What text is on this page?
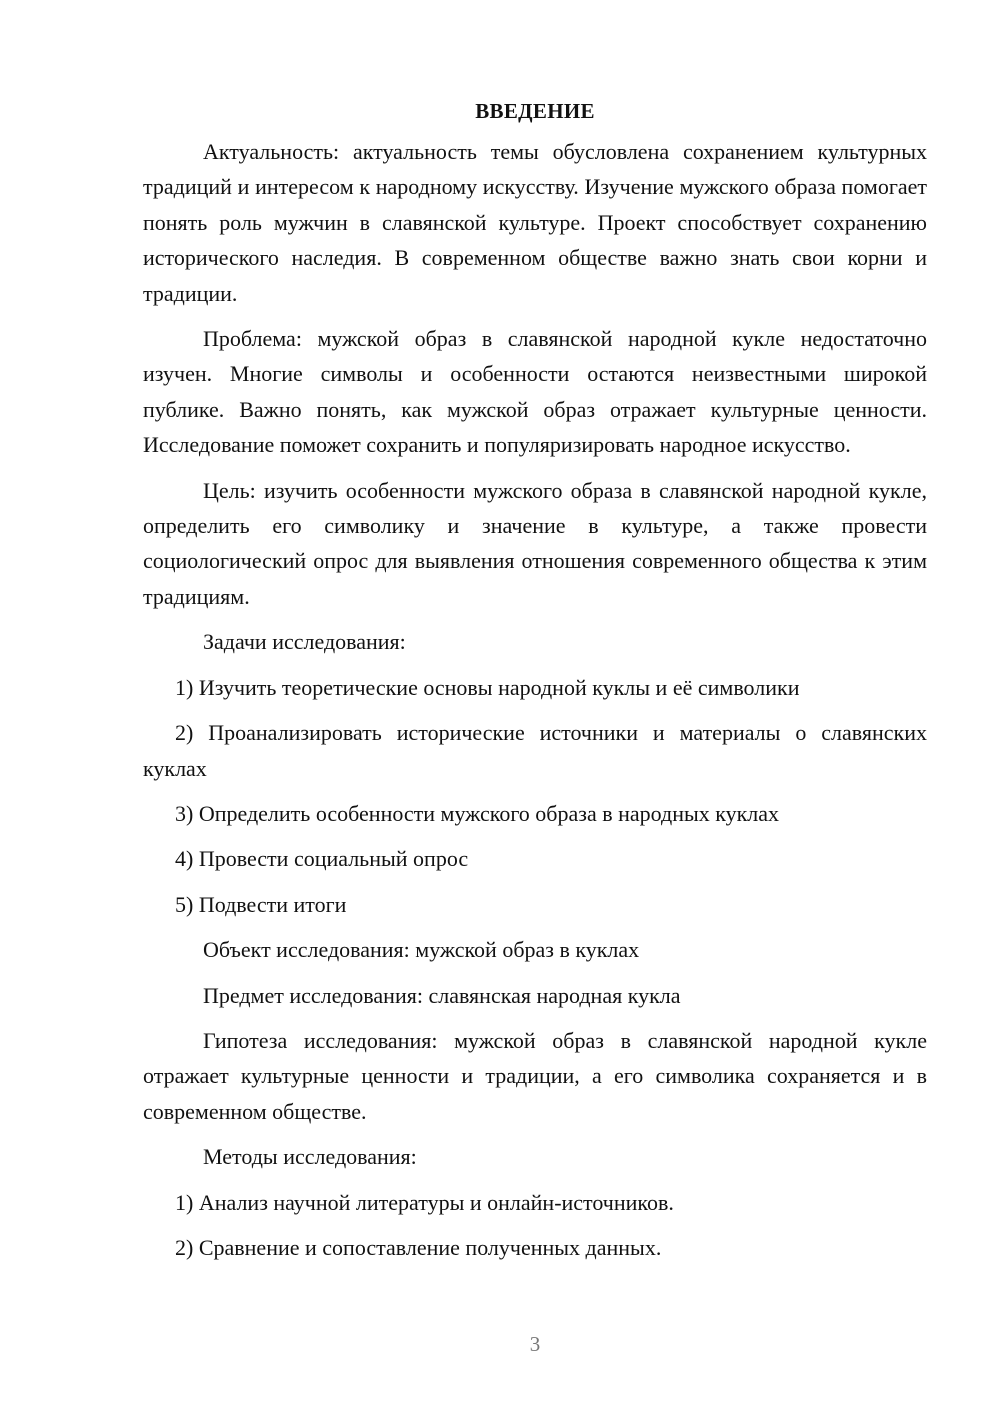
ВВЕДЕНИЕ

Актуальность: актуальность темы обусловлена сохранением культурных традиций и интересом к народному искусству. Изучение мужского образа помогает понять роль мужчин в славянской культуре. Проект способствует сохранению исторического наследия. В современном обществе важно знать свои корни и традиции.

Проблема: мужской образ в славянской народной кукле недостаточно изучен. Многие символы и особенности остаются неизвестными широкой публике. Важно понять, как мужской образ отражает культурные ценности. Исследование поможет сохранить и популяризировать народное искусство.

Цель: изучить особенности мужского образа в славянской народной кукле, определить его символику и значение в культуре, а также провести социологический опрос для выявления отношения современного общества к этим традициям.

Задачи исследования:

1) Изучить теоретические основы народной куклы и её символики

2) Проанализировать исторические источники и материалы о славянских куклах

3) Определить особенности мужского образа в народных куклах

4) Провести социальный опрос

5) Подвести итоги

Объект исследования: мужской образ в куклах

Предмет исследования: славянская народная кукла

Гипотеза исследования: мужской образ в славянской народной кукле отражает культурные ценности и традиции, а его символика сохраняется и в современном обществе.

Методы исследования:

1) Анализ научной литературы и онлайн-источников.

2) Сравнение и сопоставление полученных данных.

3
